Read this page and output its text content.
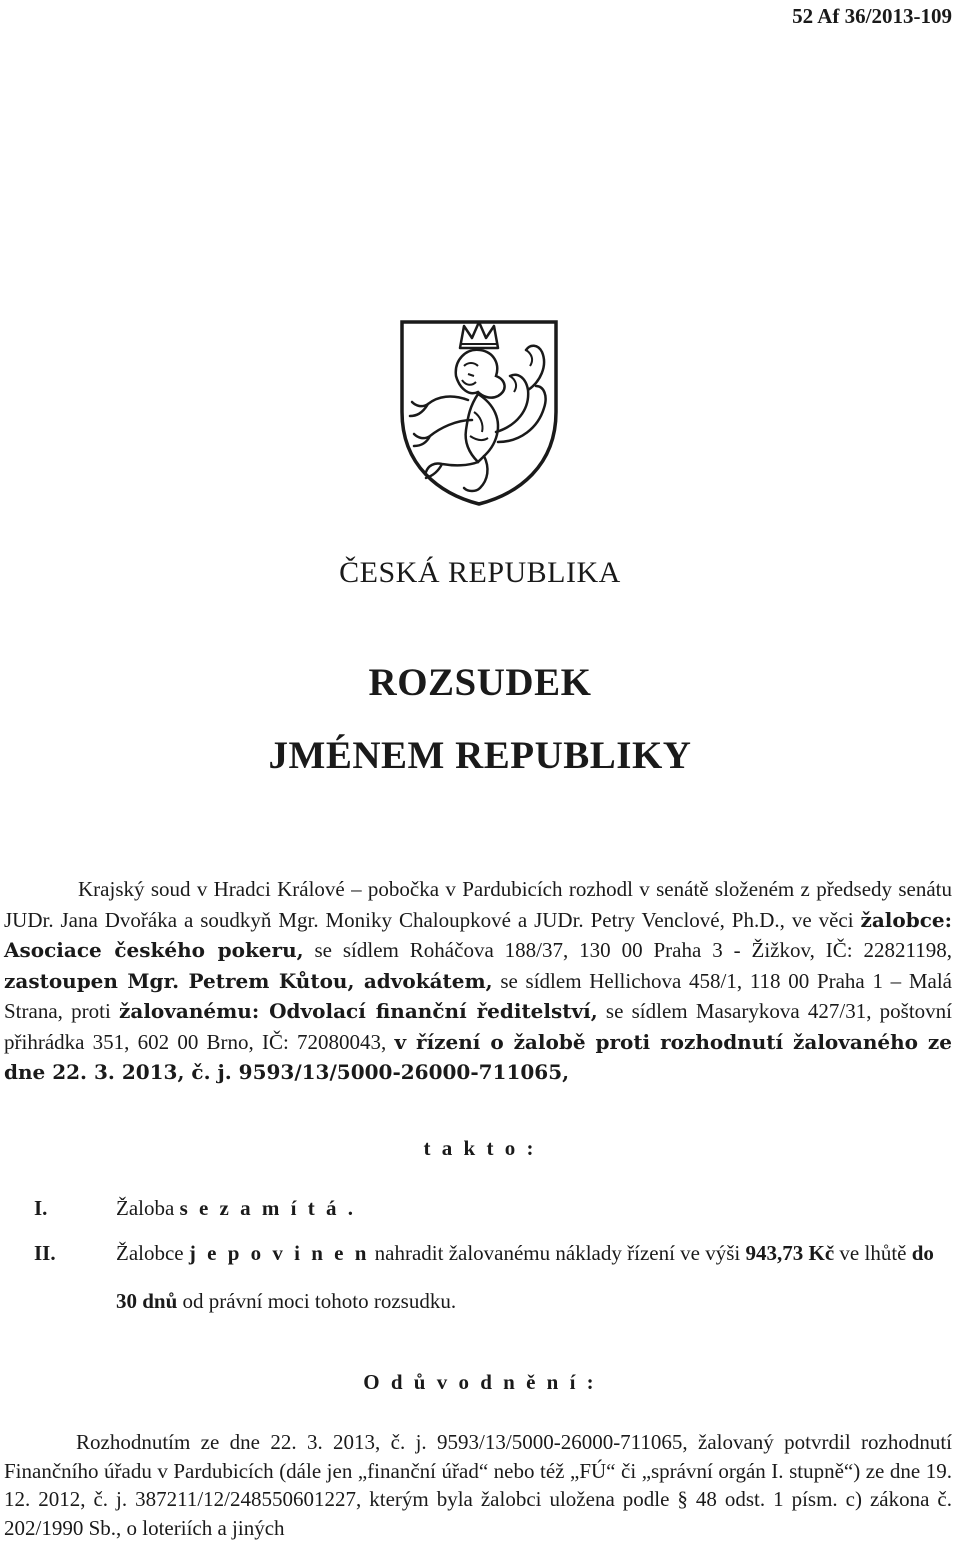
52 Af 36/2013-109
ČESKÁ REPUBLIKA
ROZSUDEK
JMÉNEM REPUBLIKY
Krajský soud v Hradci Králové – pobočka v Pardubicích rozhodl v senátě složeném z předsedy senátu JUDr. Jana Dvořáka a soudkyň Mgr. Moniky Chaloupkové a JUDr. Petry Venclové, Ph.D., ve věci žalobce: Asociace českého pokeru, se sídlem Roháčova 188/37, 130 00 Praha 3 - Žižkov, IČ: 22821198, zastoupen Mgr. Petrem Kůtou, advokátem, se sídlem Hellichova 458/1, 118 00 Praha 1 – Malá Strana, proti žalovanému: Odvolací finanční ředitelství, se sídlem Masarykova 427/31, poštovní přihrádka 351, 602 00 Brno, IČ: 72080043, v řízení o žalobě proti rozhodnutí žalovaného ze dne 22. 3. 2013, č. j. 9593/13/5000-26000-711065,
t a k t o :
I.	Žaloba s e z a m í t á .
II.	Žalobce j e p o v i n e n nahradit žalovanému náklady řízení ve výši 943,73 Kč ve lhůtě do 30 dnů od právní moci tohoto rozsudku.
O d ů v o d n ě n í :
Rozhodnutím ze dne 22. 3. 2013, č. j. 9593/13/5000-26000-711065, žalovaný potvrdil rozhodnutí Finančního úřadu v Pardubicích (dále jen „finanční úřad“ nebo též „FÚ“ či „správní orgán I. stupně“) ze dne 19. 12. 2012, č. j. 387211/12/248550601227, kterým byla žalobci uložena podle § 48 odst. 1 písm. c) zákona č. 202/1990 Sb., o loteriích a jiných
